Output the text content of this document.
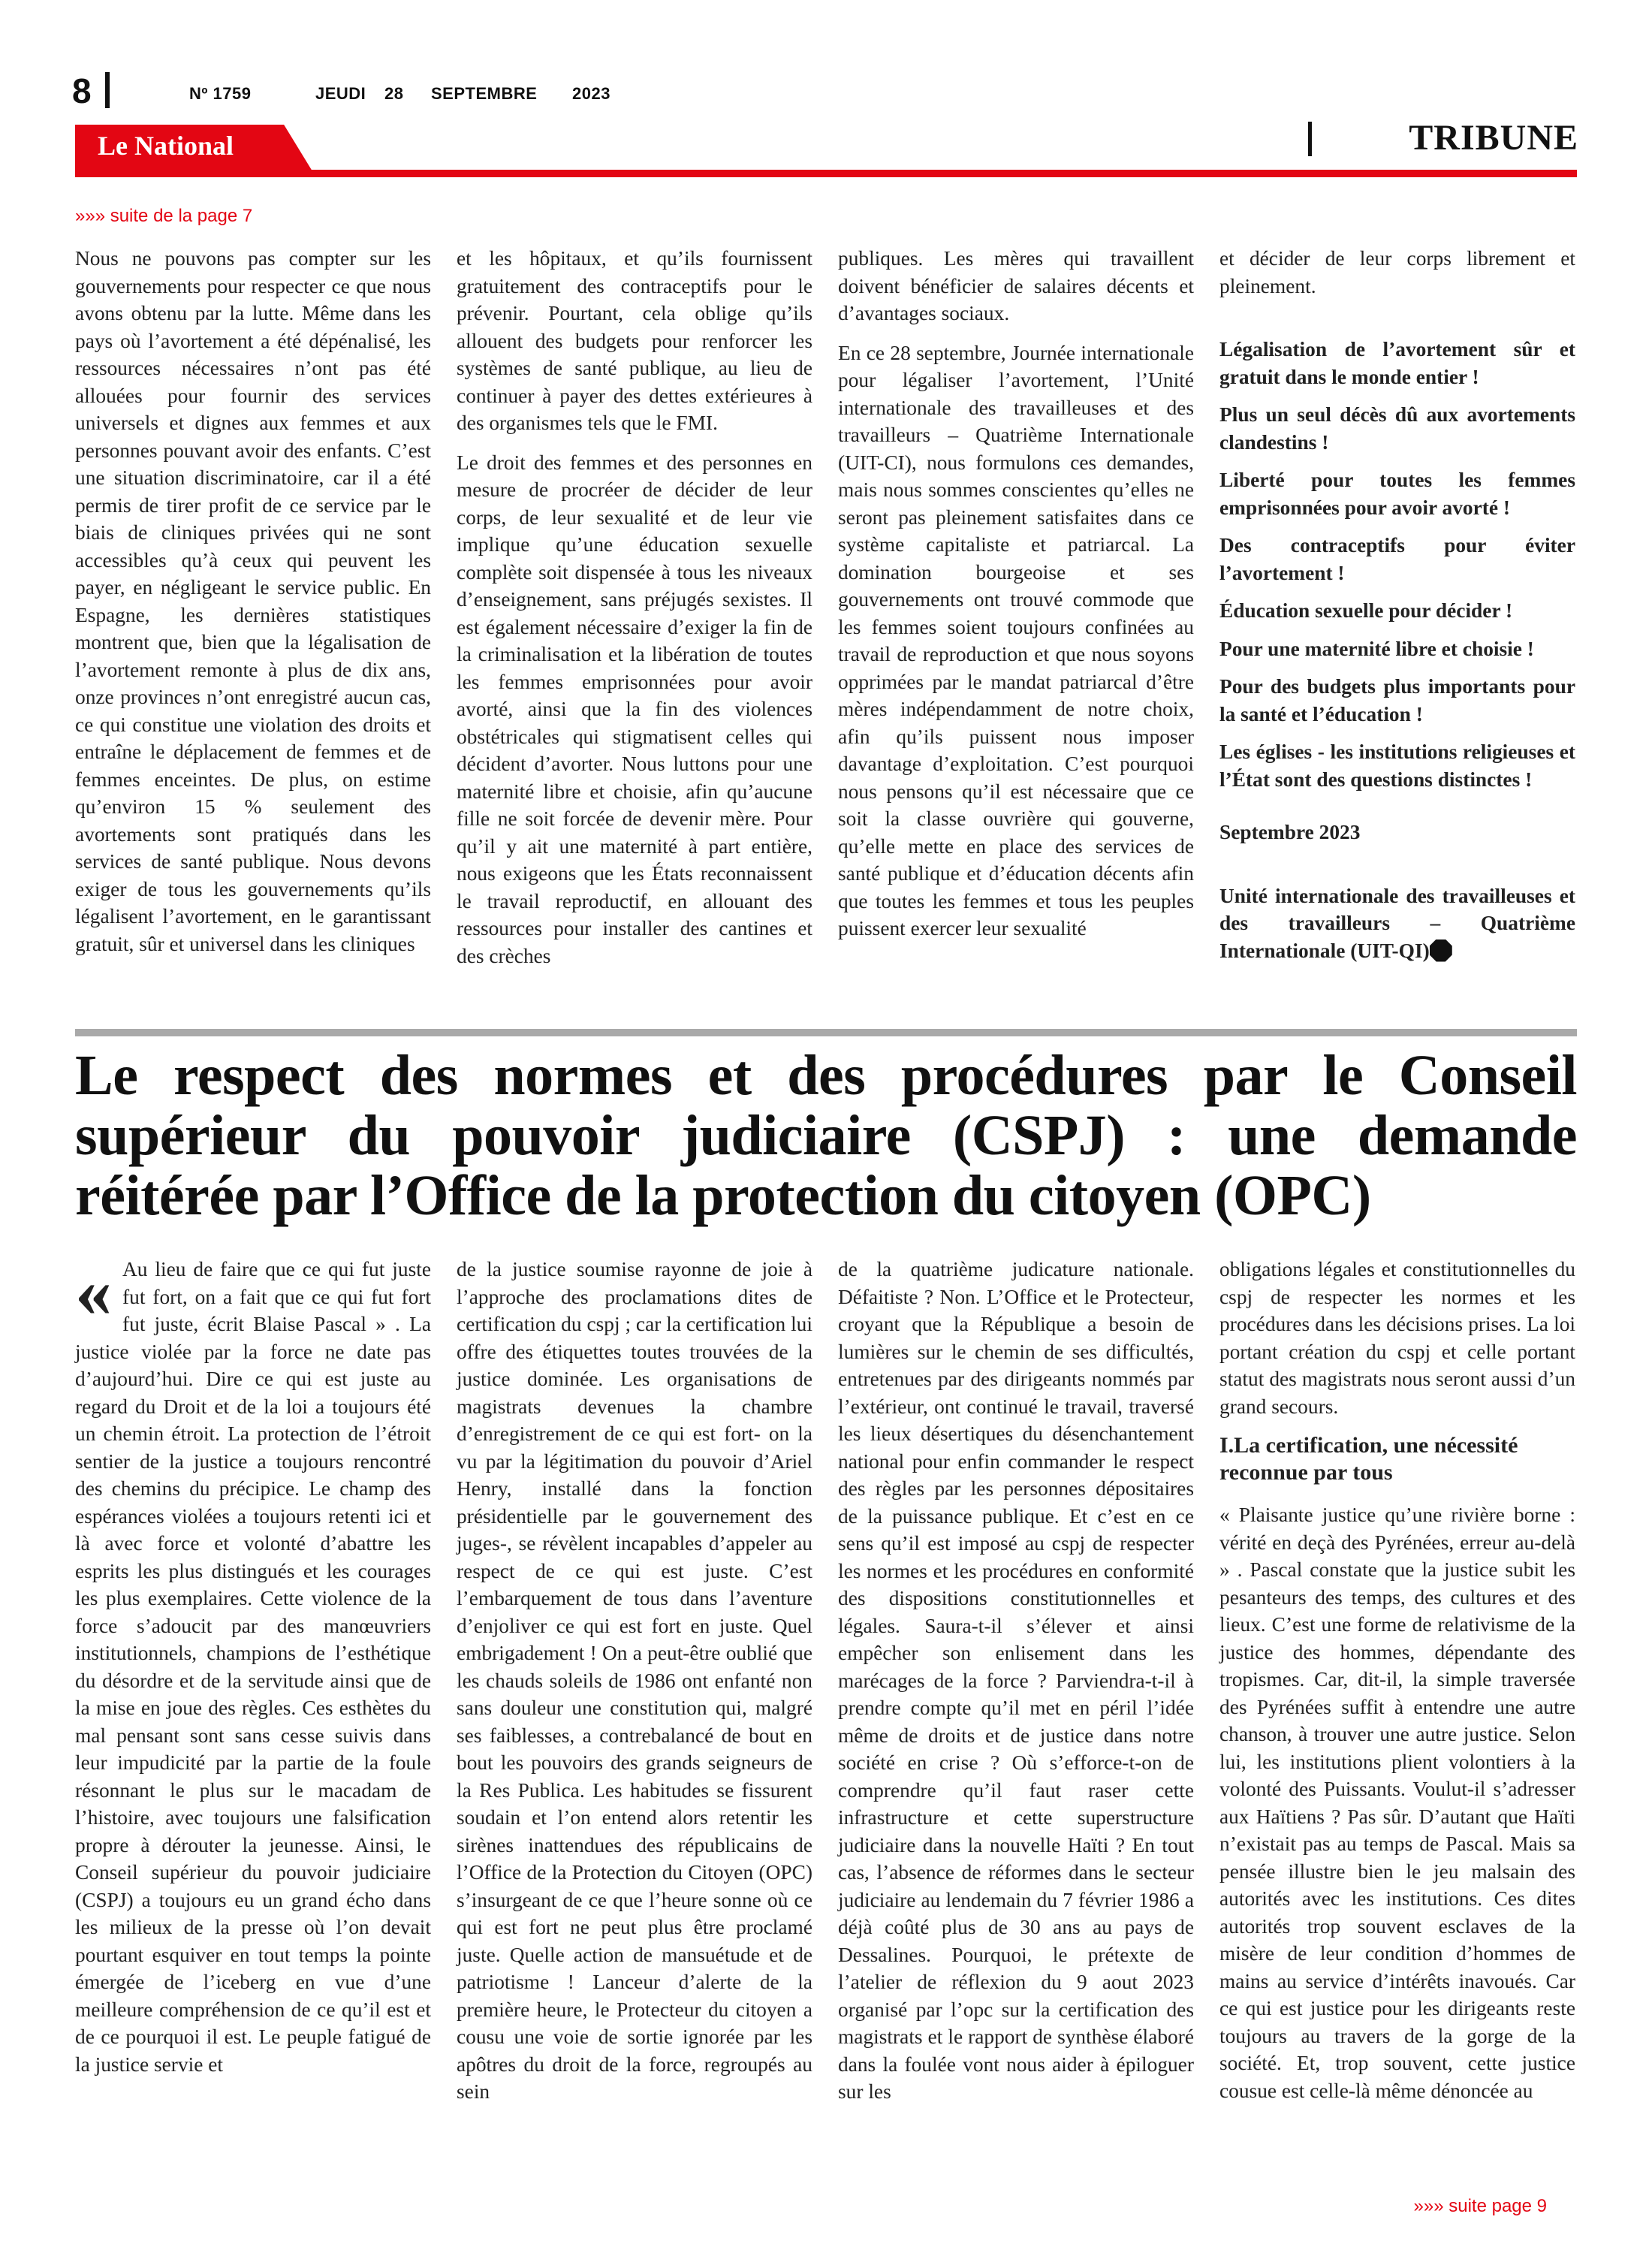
8	Nº 1759	JEUDI 28 SEPTEMBRE 2023
Le National	TRIBUNE
»»» suite de la page 7

Nous ne pouvons pas compter sur les gouvernements pour respecter ce que nous avons obtenu par la lutte. Même dans les pays où l’avortement a été dépénalisé, les ressources nécessaires n’ont pas été allouées pour fournir des services universels et dignes aux femmes et aux personnes pouvant avoir des enfants. C’est une situation discriminatoire, car il a été permis de tirer profit de ce service par le biais de cliniques privées qui ne sont accessibles qu’à ceux qui peuvent les payer, en négligeant le service public. En Espagne, les dernières statistiques montrent que, bien que la légalisation de l’avortement remonte à plus de dix ans, onze provinces n’ont enregistré aucun cas, ce qui constitue une violation des droits et entraîne le déplacement de femmes et de femmes enceintes. De plus, on estime qu’environ 15 % seulement des avortements sont pratiqués dans les services de santé publique. Nous devons exiger de tous les gouvernements qu’ils légalisent l’avortement, en le garantissant gratuit, sûr et universel dans les cliniques

et les hôpitaux, et qu’ils fournissent gratuitement des contraceptifs pour le prévenir. Pourtant, cela oblige qu’ils allouent des budgets pour renforcer les systèmes de santé publique, au lieu de continuer à payer des dettes extérieures à des organismes tels que le FMI.

Le droit des femmes et des personnes en mesure de procréer de décider de leur corps, de leur sexualité et de leur vie implique qu’une éducation sexuelle complète soit dispensée à tous les niveaux d’enseignement, sans préjugés sexistes. Il est également nécessaire d’exiger la fin de la criminalisation et la libération de toutes les femmes emprisonnées pour avoir avorté, ainsi que la fin des violences obstétricales qui stigmatisent celles qui décident d’avorter. Nous luttons pour une maternité libre et choisie, afin qu’aucune fille ne soit forcée de devenir mère. Pour qu’il y ait une maternité à part entière, nous exigeons que les États reconnaissent le travail reproductif, en allouant des ressources pour installer des cantines et des crèches

publiques. Les mères qui travaillent doivent bénéficier de salaires décents et d’avantages sociaux.

En ce 28 septembre, Journée internationale pour légaliser l’avortement, l’Unité internationale des travailleuses et des travailleurs – Quatrième Internationale (UIT-CI), nous formulons ces demandes, mais nous sommes conscientes qu’elles ne seront pas pleinement satisfaites dans ce système capitaliste et patriarcal. La domination bourgeoise et ses gouvernements ont trouvé commode que les femmes soient toujours confinées au travail de reproduction et que nous soyons opprimées par le mandat patriarcal d’être mères indépendamment de notre choix, afin qu’ils puissent nous imposer davantage d’exploitation. C’est pourquoi nous pensons qu’il est nécessaire que ce soit la classe ouvrière qui gouverne, qu’elle mette en place des services de santé publique et d’éducation décents afin que toutes les femmes et tous les peuples puissent exercer leur sexualité

et décider de leur corps librement et pleinement.

Légalisation de l’avortement sûr et gratuit dans le monde entier !

Plus un seul décès dû aux avortements clandestins !

Liberté pour toutes les femmes emprisonnées pour avoir avorté !

Des contraceptifs pour éviter l’avortement !

Éducation sexuelle pour décider !

Pour une maternité libre et choisie !

Pour des budgets plus importants pour la santé et l’éducation !

Les églises - les institutions religieuses et l’État sont des questions distinctes !

Septembre 2023

Unité internationale des travailleuses et des travailleurs – Quatrième Internationale (UIT-QI)

Le respect des normes et des procédures par le Conseil supérieur du pouvoir judiciaire (CSPJ) : une demande réitérée par l’Office de la protection du citoyen (OPC)
« Au lieu de faire que ce qui fut juste fut fort, on a fait que ce qui fut fort fut juste, écrit Blaise Pascal » . La justice violée par la force ne date pas d’aujourd’hui. Dire ce qui est juste au regard du Droit et de la loi a toujours été un chemin étroit. La protection de l’étroit sentier de la justice a toujours rencontré des chemins du précipice. Le champ des espérances violées a toujours retenti ici et là avec force et volonté d’abattre les esprits les plus distingués et les courages les plus exemplaires. Cette violence de la force s’adoucit par des manœuvriers institutionnels, champions de l’esthétique du désordre et de la servitude ainsi que de la mise en joue des règles. Ces esthètes du mal pensant sont sans cesse suivis dans leur impudicité par la partie de la foule résonnant le plus sur le macadam de l’histoire, avec toujours une falsification propre à dérouter la jeunesse. Ainsi, le Conseil supérieur du pouvoir judiciaire (CSPJ) a toujours eu un grand écho dans les milieux de la presse où l’on devait pourtant esquiver en tout temps la pointe émergée de l’iceberg en vue d’une meilleure compréhension de ce qu’il est et de ce pourquoi il est. Le peuple fatigué de la justice servie et

de la justice soumise rayonne de joie à l’approche des proclamations dites de certification du cspj ; car la certification lui offre des étiquettes toutes trouvées de la justice dominée. Les organisations de magistrats devenues la chambre d’enregistrement de ce qui est fort- on la vu par la légitimation du pouvoir d’Ariel Henry, installé dans la fonction présidentielle par le gouvernement des juges-, se révèlent incapables d’appeler au respect de ce qui est juste. C’est l’embarquement de tous dans l’aventure d’enjoliver ce qui est fort en juste. Quel embrigadement ! On a peut-être oublié que les chauds soleils de 1986 ont enfanté non sans douleur une constitution qui, malgré ses faiblesses, a contrebalancé de bout en bout les pouvoirs des grands seigneurs de la Res Publica. Les habitudes se fissurent soudain et l’on entend alors retentir les sirènes inattendues des républicains de l’Office de la Protection du Citoyen (OPC) s’insurgeant de ce que l’heure sonne où ce qui est fort ne peut plus être proclamé juste. Quelle action de mansuétude et de patriotisme ! Lanceur d’alerte de la première heure, le Protecteur du citoyen a cousu une voie de sortie ignorée par les apôtres du droit de la force, regroupés au sein

de la quatrième judicature nationale. Défaitiste ? Non. L’Office et le Protecteur, croyant que la République a besoin de lumières sur le chemin de ses difficultés, entretenues par des dirigeants nommés par l’extérieur, ont continué le travail, traversé les lieux désertiques du désenchantement national pour enfin commander le respect des règles par les personnes dépositaires de la puissance publique. Et c’est en ce sens qu’il est imposé au cspj de respecter les normes et les procédures en conformité des dispositions constitutionnelles et légales. Saura-t-il s’élever et ainsi empêcher son enlisement dans les marécages de la force ? Parviendra-t-il à prendre compte qu’il met en péril l’idée même de droits et de justice dans notre société en crise ? Où s’efforce-t-on de comprendre qu’il faut raser cette infrastructure et cette superstructure judiciaire dans la nouvelle Haïti ? En tout cas, l’absence de réformes dans le secteur judiciaire au lendemain du 7 février 1986 a déjà coûté plus de 30 ans au pays de Dessalines. Pourquoi, le prétexte de l’atelier de réflexion du 9 aout 2023 organisé par l’opc sur la certification des magistrats et le rapport de synthèse élaboré dans la foulée vont nous aider à épiloguer sur les

obligations légales et constitutionnelles du cspj de respecter les normes et les procédures dans les décisions prises. La loi portant création du cspj et celle portant statut des magistrats nous seront aussi d’un grand secours.

I.La certification, une nécessité reconnue par tous

« Plaisante justice qu’une rivière borne : vérité en deçà des Pyrénées, erreur au-delà » . Pascal constate que la justice subit les pesanteurs des temps, des cultures et des lieux. C’est une forme de relativisme de la justice des hommes, dépendante des tropismes. Car, dit-il, la simple traversée des Pyrénées suffit à entendre une autre chanson, à trouver une autre justice. Selon lui, les institutions plient volontiers à la volonté des Puissants. Voulut-il s’adresser aux Haïtiens ? Pas sûr. D’autant que Haïti n’existait pas au temps de Pascal. Mais sa pensée illustre bien le jeu malsain des autorités avec les institutions. Ces dites autorités trop souvent esclaves de la misère de leur condition d’hommes de mains au service d’intérêts inavoués. Car ce qui est justice pour les dirigeants reste toujours au travers de la gorge de la société. Et, trop souvent, cette justice cousue est celle-là même dénoncée au

»»» suite page 9
